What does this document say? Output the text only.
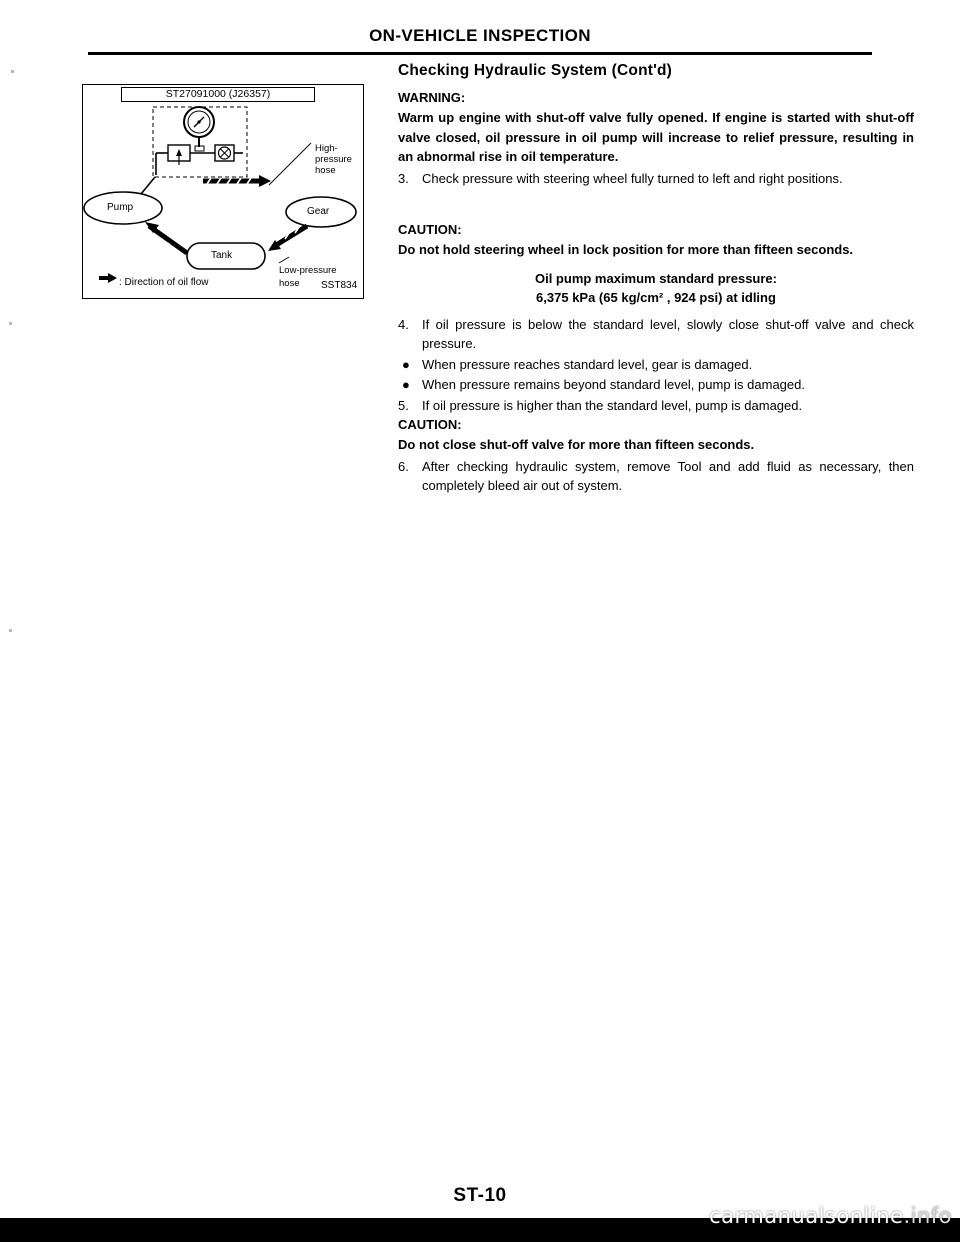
ON-VEHICLE INSPECTION
ST27091000 (J26357)
Pump	Gear
Tank
High-
pressure
hose
Low-pressure
hose
: Direction of oil flow	SST834
Checking Hydraulic System (Cont'd)
WARNING:

Warm up engine with shut-off valve fully opened. If engine is started with shut-off valve closed, oil pressure in oil pump will increase to relief pressure, resulting in an abnormal rise in oil temperature.

3.	Check pressure with steering wheel fully turned to left and right positions.
CAUTION:

Do not hold steering wheel in lock position for more than fifteen seconds.

Oil pump maximum standard pressure:
6,375 kPa (65 kg/cm² , 924 psi) at idling
4.	If oil pressure is below the standard level, slowly close shut-off valve and check pressure.
● When pressure reaches standard level, gear is damaged.
● When pressure remains beyond standard level, pump is damaged.
5.	If oil pressure is higher than the standard level, pump is damaged.
CAUTION:

Do not close shut-off valve for more than fifteen seconds.

6.	After checking hydraulic system, remove Tool and add fluid as necessary, then completely bleed air out of system.
ST-10
carmanualsonline.info
